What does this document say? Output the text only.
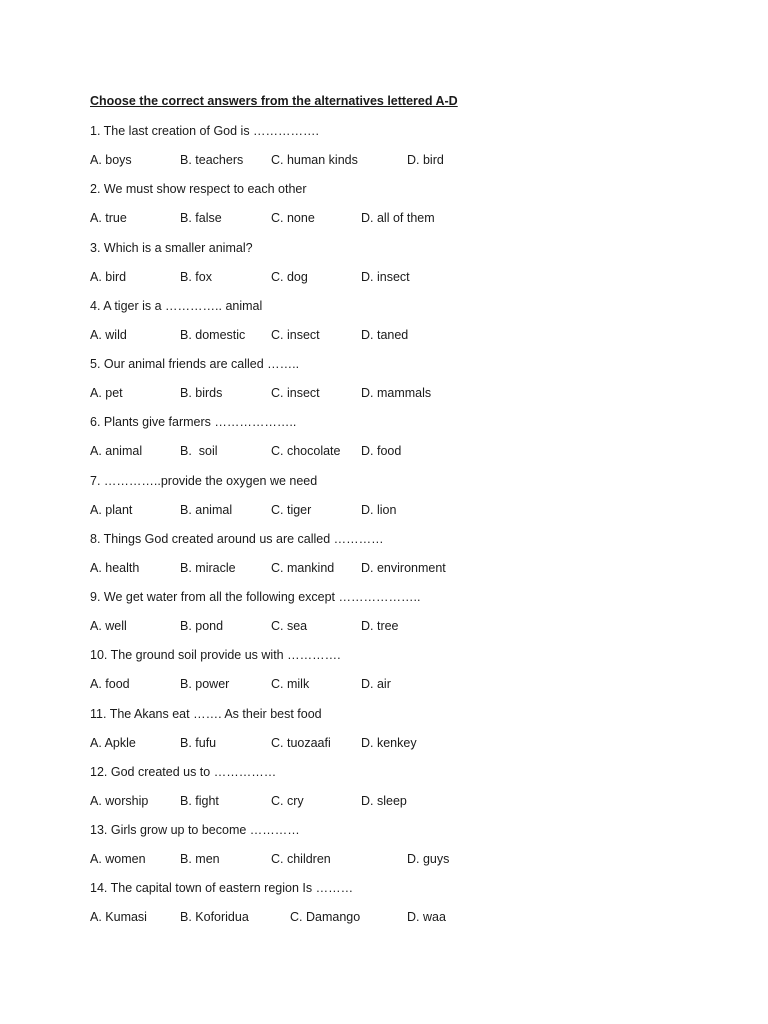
Choose the correct answers from the alternatives lettered A-D
1. The last creation of God is …………….
A. boys	B. teachers C. human kinds	D. bird
2. We must show respect to each other
A. true	B. false	C. none	D. all of them
3. Which is a smaller animal?
A. bird	B. fox	C. dog	D. insect
4. A tiger is a ………….. animal
A. wild	B. domestic C. insect	D. taned
5. Our animal friends are called ……..
A. pet	B. birds	C. insect	D. mammals
6. Plants give farmers ………………..
A. animal	B.  soil	C. chocolate D. food
7. …………..provide the oxygen we need
A. plant	B. animal	C. tiger	D. lion
8. Things God created around us are called …………
A. health	B. miracle	C. mankind D. environment
9. We get water from all the following except ………………..
A. well	B. pond	C. sea	D. tree
10. The ground soil provide us with ………….
A. food	B. power	C. milk	D. air
11. The Akans eat ……. As their best food
A. Apkle	B. fufu	C. tuozaafi D. kenkey
12. God created us to ……………
A. worship	B. fight	C. cry	D. sleep
13. Girls grow up to become …………
A. women	B. men	C. children	D. guys
14. The capital town of eastern region Is ………
A. Kumasi	B. Koforidua	C. Damango	D. waa
